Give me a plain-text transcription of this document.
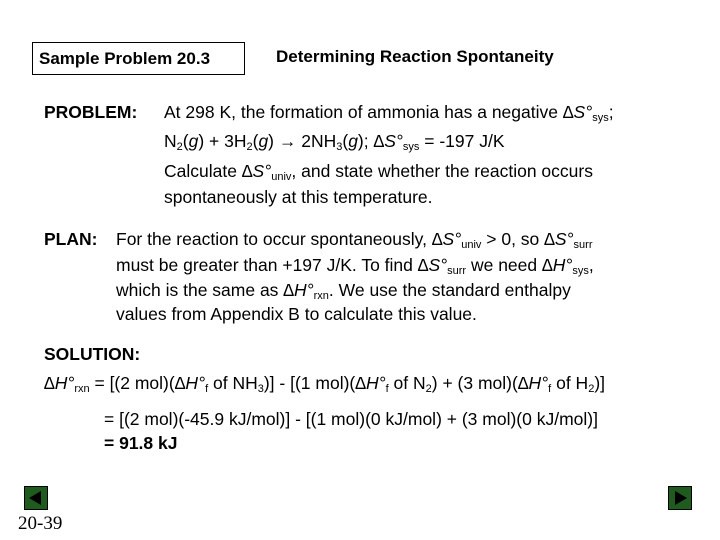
Sample Problem 20.3	Determining Reaction Spontaneity
PROBLEM: At 298 K, the formation of ammonia has a negative $\Delta S^\circ_{sys}$;
$N_2(g) + 3H_2(g) \to 2NH_3(g)$; $\Delta S^\circ_{sys} = -197$ J/K
Calculate $\Delta S^\circ_{univ}$, and state whether the reaction occurs
spontaneously at this temperature.
PLAN: For the reaction to occur spontaneously, $\Delta S^\circ_{univ} > 0$, so $\Delta S^\circ_{surr}$
must be greater than +197 J/K. To find $\Delta S^\circ_{surr}$ we need $\Delta H^\circ_{sys}$,
which is the same as $\Delta H^\circ_{rxn}$. We use the standard enthalpy
values from Appendix B to calculate this value.
SOLUTION:
$\Delta H^\circ_{rxn} = [(2$ $mol)(\Delta H^\circ_f$ of $NH_3)] - [(1$ $mol)(\Delta H^\circ_f$ of $N_2) + (3$ $mol)(\Delta H^\circ_f$ of $H_2$)]
= [(2 mol)(-45.9 kJ/mol)] - [(1 mol)(0 kJ/mol) + (3 mol)(0 kJ/mol)]
= 91.8 kJ
20-39
